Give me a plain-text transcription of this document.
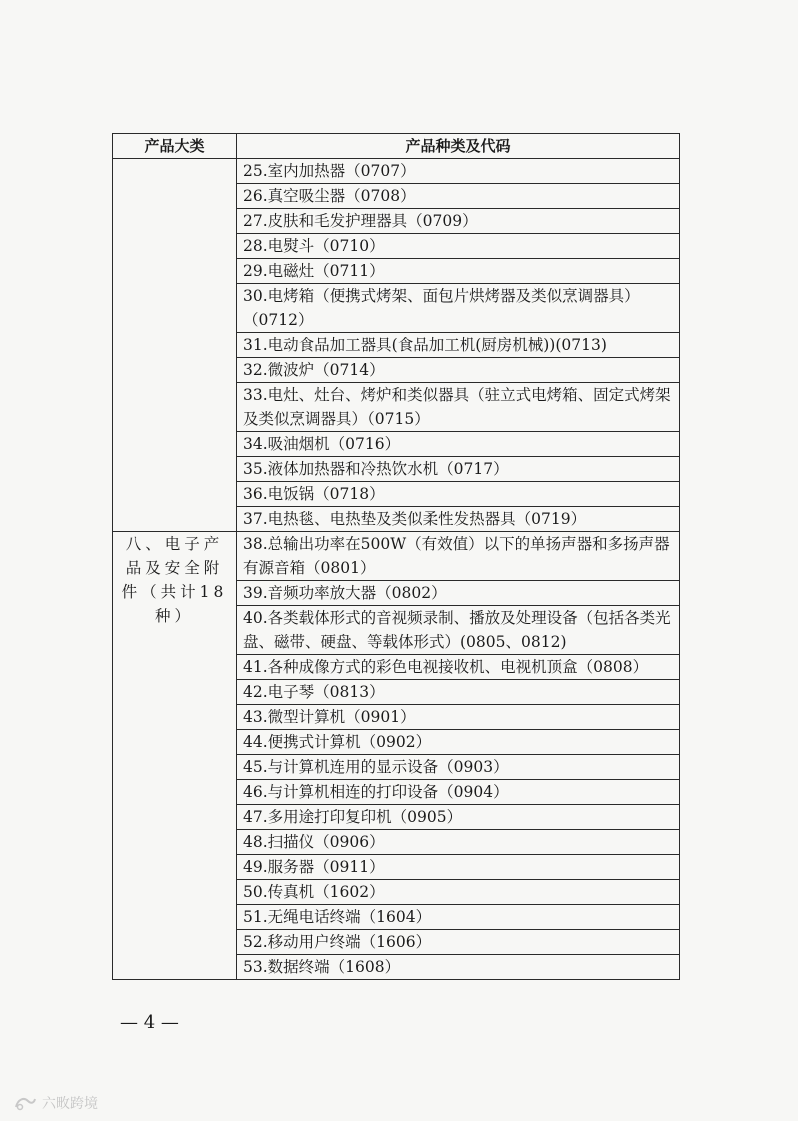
产品大类	产品种类及代码
	25.室内加热器（0707）
	26.真空吸尘器（0708）
	27.皮肤和毛发护理器具（0709）
	28.电熨斗（0710）
	29.电磁灶（0711）
	30.电烤箱（便携式烤架、面包片烘烤器及类似烹调器具）（0712）
	31.电动食品加工器具(食品加工机(厨房机械))(0713)
	32.微波炉（0714）
	33.电灶、灶台、烤炉和类似器具（驻立式电烤箱、固定式烤架及类似烹调器具）（0715）
	34.吸油烟机（0716）
	35.液体加热器和冷热饮水机（0717）
	36.电饭锅（0718）
	37.电热毯、电热垫及类似柔性发热器具（0719）
八、电子产品及安全附件（共计18种）	38.总输出功率在500W（有效值）以下的单扬声器和多扬声器有源音箱（0801）
	39.音频功率放大器（0802）
	40.各类载体形式的音视频录制、播放及处理设备（包括各类光盘、磁带、硬盘、等载体形式）(0805、0812)
	41.各种成像方式的彩色电视接收机、电视机顶盒（0808）
	42.电子琴（0813）
	43.微型计算机（0901）
	44.便携式计算机（0902）
	45.与计算机连用的显示设备（0903）
	46.与计算机相连的打印设备（0904）
	47.多用途打印复印机（0905）
	48.扫描仪（0906）
	49.服务器（0911）
	50.传真机（1602）
	51.无绳电话终端（1604）
	52.移动用户终端（1606）
	53.数据终端（1608）
— 4 —
六畋跨境
